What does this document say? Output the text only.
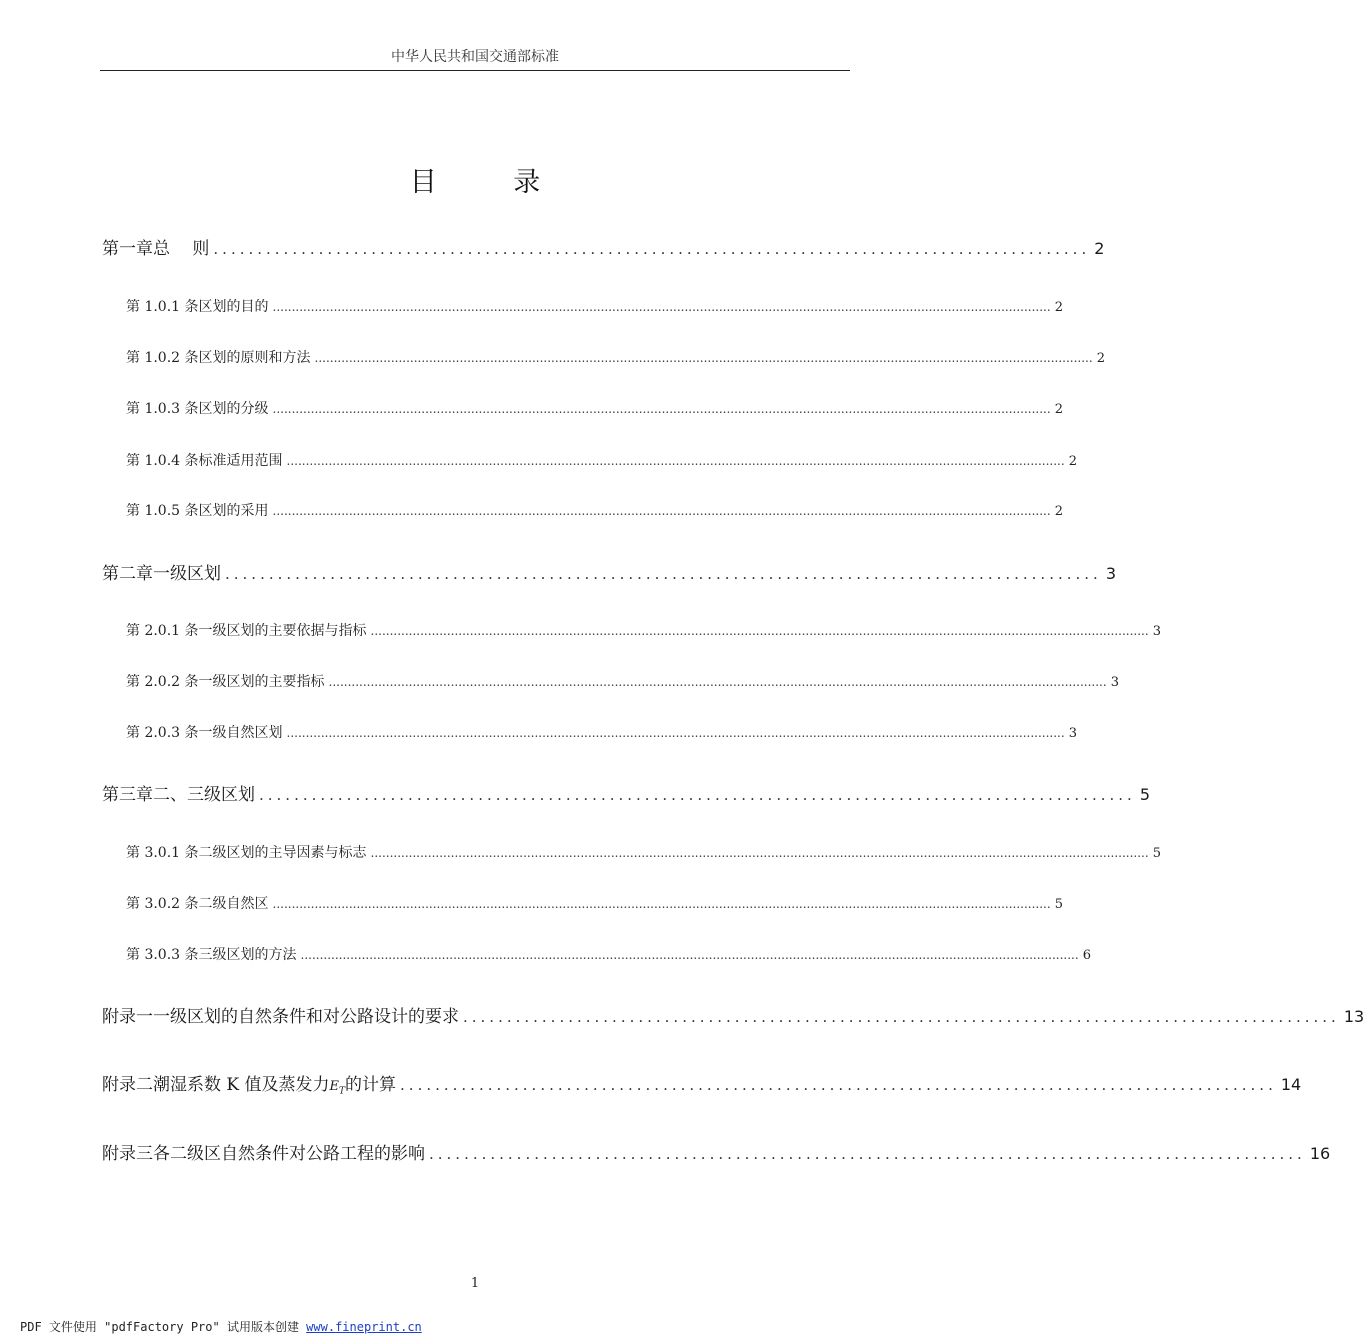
中华人民共和国交通部标准
目 录
第一章 总 　则 .................................................................................................... 2
第 1.0.1 条 区划的目的 ............................................................................................................................................................................................................ 2
第 1.0.2 条 区划的原则和方法 ............................................................................................................................................................................................................ 2
第 1.0.3 条 区划的分级 ............................................................................................................................................................................................................ 2
第 1.0.4 条 标准适用范围 ............................................................................................................................................................................................................ 2
第 1.0.5 条 区划的采用 ............................................................................................................................................................................................................ 2
第二章 一级区划 .................................................................................................... 3
第 2.0.1 条 一级区划的主要依据与指标 ............................................................................................................................................................................................................ 3
第 2.0.2 条 一级区划的主要指标 ............................................................................................................................................................................................................ 3
第 2.0.3 条 一级自然区划 ............................................................................................................................................................................................................ 3
第三章 二、三级区划 .................................................................................................... 5
第 3.0.1 条 二级区划的主导因素与标志 ............................................................................................................................................................................................................ 5
第 3.0.2 条 二级自然区 ............................................................................................................................................................................................................ 5
第 3.0.3 条 三级区划的方法 ............................................................................................................................................................................................................ 6
附录一 一级区划的自然条件和对公路设计的要求 .................................................................................................... 13
附录二 潮湿系数 K 值及蒸发力$E_T$的计算 .................................................................................................... 14
附录三 各二级区自然条件对公路工程的影响 .................................................................................................... 16
1
PDF 文件使用 "pdfFactory Pro" 试用版本创建 www.fineprint.cn
